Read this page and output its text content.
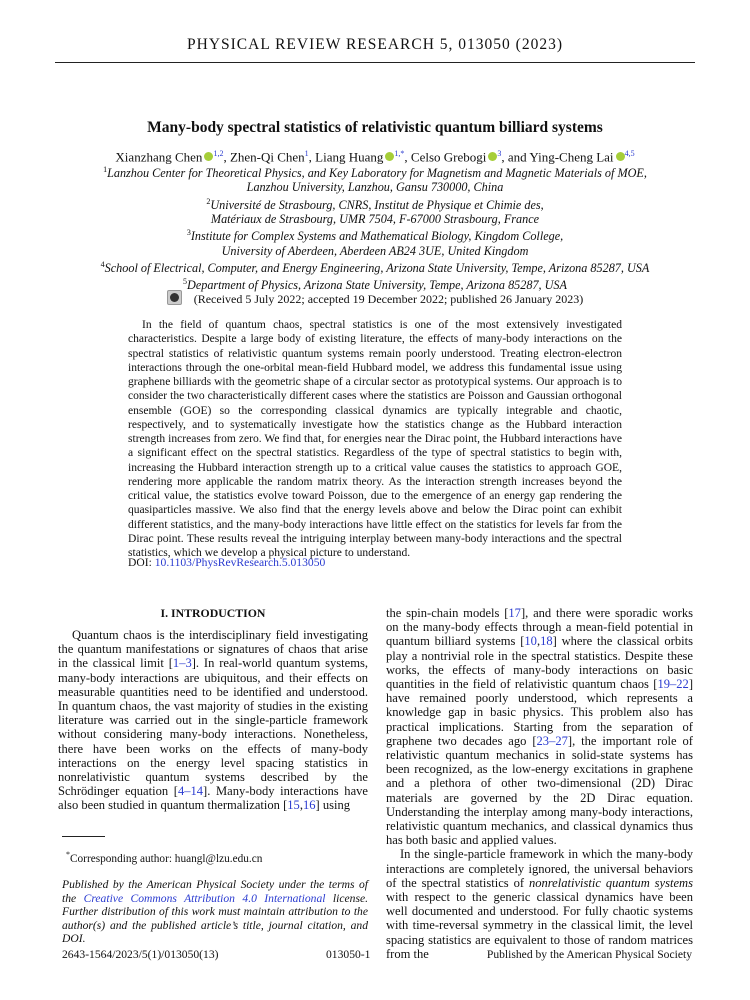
PHYSICAL REVIEW RESEARCH 5, 013050 (2023)
Many-body spectral statistics of relativistic quantum billiard systems
Xianzhang Chen $^{1,2}$, Zhen-Qi Chen$^1$, Liang Huang $^{1,*}$, Celso Grebogi $^3$, and Ying-Cheng Lai $^{4,5}$
$^1$Lanzhou Center for Theoretical Physics, and Key Laboratory for Magnetism and Magnetic Materials of MOE,
Lanzhou University, Lanzhou, Gansu 730000, China
$^2$Université de Strasbourg, CNRS, Institut de Physique et Chimie des,
Matériaux de Strasbourg, UMR 7504, F-67000 Strasbourg, France
$^3$Institute for Complex Systems and Mathematical Biology, Kingdom College,
University of Aberdeen, Aberdeen AB24 3UE, United Kingdom
$^4$School of Electrical, Computer, and Energy Engineering, Arizona State University, Tempe, Arizona 85287, USA
$^5$Department of Physics, Arizona State University, Tempe, Arizona 85287, USA
(Received 5 July 2022; accepted 19 December 2022; published 26 January 2023)

In the field of quantum chaos, spectral statistics is one of the most extensively investigated characteristics. Despite a large body of existing literature, the effects of many-body interactions on the spectral statistics of relativistic quantum systems remain poorly understood. Treating electron-electron interactions through the one-orbital mean-field Hubbard model, we address this fundamental issue using graphene billiards with the geometric shape of a circular sector as prototypical systems. Our approach is to consider the two characteristically different cases where the statistics are Poisson and Gaussian orthogonal ensemble (GOE) so the corresponding classical dynamics are typically integrable and chaotic, respectively, and to systematically investigate how the statistics change as the Hubbard interaction strength increases from zero. We find that, for energies near the Dirac point, the Hubbard interactions have a significant effect on the spectral statistics. Regardless of the type of spectral statistics to begin with, increasing the Hubbard interaction strength up to a critical value causes the statistics to approach GOE, rendering more applicable the random matrix theory. As the interaction strength increases beyond the critical value, the statistics evolve toward Poisson, due to the emergence of an energy gap rendering the quasiparticles massive. We also find that the energy levels above and below the Dirac point can exhibit different statistics, and the many-body interactions have little effect on the statistics for levels far from the Dirac point. These results reveal the intriguing interplay between many-body interactions and the spectral statistics, which we develop a physical picture to understand.

DOI: 10.1103/PhysRevResearch.5.013050
I. INTRODUCTION

Quantum chaos is the interdisciplinary field investigating the quantum manifestations or signatures of chaos that arise in the classical limit [1–3]. In real-world quantum systems, many-body interactions are ubiquitous, and their effects on measurable quantities need to be identified and understood. In quantum chaos, the vast majority of studies in the existing literature was carried out in the single-particle framework without considering many-body interactions. Nonetheless, there have been works on the effects of many-body interactions on the energy level spacing statistics in nonrelativistic quantum systems described by the Schrödinger equation [4–14]. Many-body interactions have also been studied in quantum thermalization [15,16] using

the spin-chain models [17], and there were sporadic works on the many-body effects through a mean-field potential in quantum billiard systems [10,18] where the classical orbits play a nontrivial role in the spectral statistics. Despite these works, the effects of many-body interactions on basic quantities in the field of relativistic quantum chaos [19–22] have remained poorly understood, which represents a knowledge gap in basic physics. This problem also has practical implications. Starting from the separation of graphene two decades ago [23–27], the important role of relativistic quantum mechanics in solid-state systems has been recognized, as the low-energy excitations in graphene and a plethora of other two-dimensional (2D) Dirac materials are governed by the 2D Dirac equation. Understanding the interplay among many-body interactions, relativistic quantum mechanics, and classical dynamics thus has both basic and applied values.

In the single-particle framework in which the many-body interactions are completely ignored, the universal behaviors of the spectral statistics of nonrelativistic quantum systems with respect to the generic classical dynamics have been well documented and understood. For fully chaotic systems with time-reversal symmetry in the classical limit, the level spacing statistics are equivalent to those of random matrices from the

*Corresponding author: huangl@lzu.edu.cn
Published by the American Physical Society under the terms of the Creative Commons Attribution 4.0 International license. Further distribution of this work must maintain attribution to the author(s) and the published article’s title, journal citation, and DOI.
2643-1564/2023/5(1)/013050(13)	013050-1	Published by the American Physical Society
